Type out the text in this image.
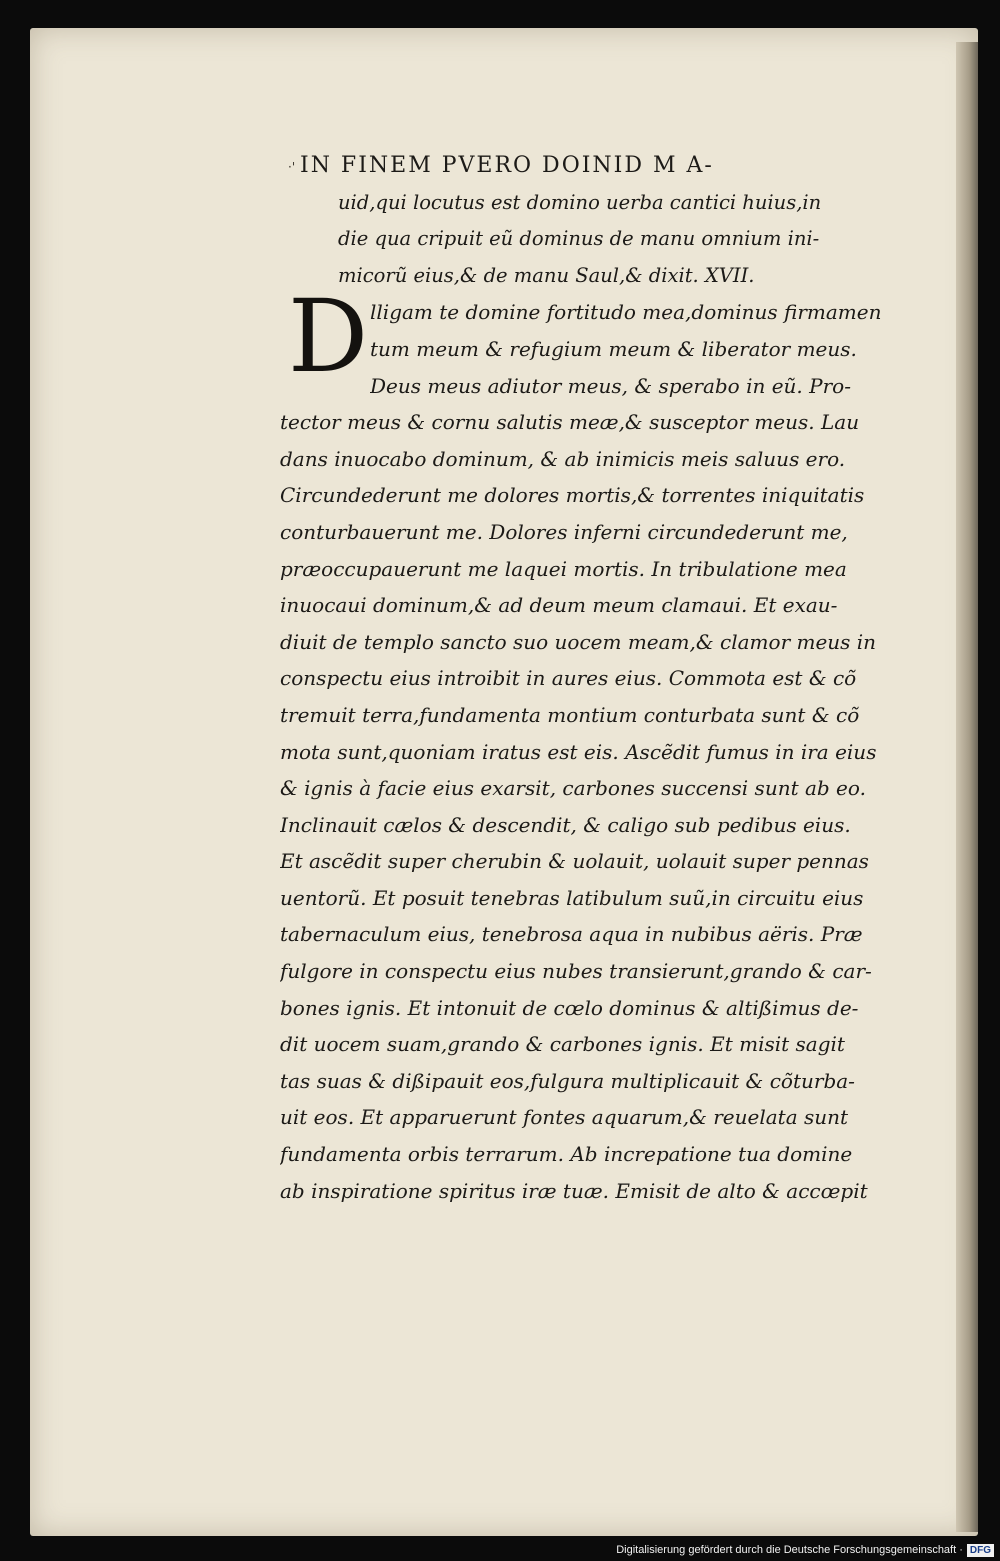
·'
D
IN FINEM PVERO DOINID M A-
uid,qui locutus est domino uerba cantici huius,in
die qua cripuit eũ dominus de manu omnium ini-
micorũ eius,& de manu Saul,& dixit. XVII.
lligam te domine fortitudo mea,dominus firmamen
tum meum & refugium meum & liberator meus.
Deus meus adiutor meus, & sperabo in eũ. Pro-
tector meus & cornu salutis meæ,& susceptor meus. Lau
dans inuocabo dominum, & ab inimicis meis saluus ero.
Circundederunt me dolores mortis,& torrentes iniquitatis
conturbauerunt me. Dolores inferni circundederunt me,
præoccupauerunt me laquei mortis. In tribulatione mea
inuocaui dominum,& ad deum meum clamaui. Et exau-
diuit de templo sancto suo uocem meam,& clamor meus in
conspectu eius introibit in aures eius. Commota est & cõ
tremuit terra,fundamenta montium conturbata sunt & cõ
mota sunt,quoniam iratus est eis. Ascẽdit fumus in ira eius
& ignis à facie eius exarsit, carbones succensi sunt ab eo.
Inclinauit cælos & descendit, & caligo sub pedibus eius.
Et ascẽdit super cherubin & uolauit, uolauit super pennas
uentorũ. Et posuit tenebras latibulum suũ,in circuitu eius
tabernaculum eius, tenebrosa aqua in nubibus aëris. Præ
fulgore in conspectu eius nubes transierunt,grando & car-
bones ignis. Et intonuit de cœlo dominus & altißimus de-
dit uocem suam,grando & carbones ignis. Et misit sagit
tas suas & dißipauit eos,fulgura multiplicauit & cõturba-
uit eos. Et apparuerunt fontes aquarum,& reuelata sunt
fundamenta orbis terrarum. Ab increpatione tua domine
ab inspiratione spiritus iræ tuæ. Emisit de alto & accœpit
Digitalisierung gefördert durch die Deutsche Forschungsgemeinschaft · DFG
